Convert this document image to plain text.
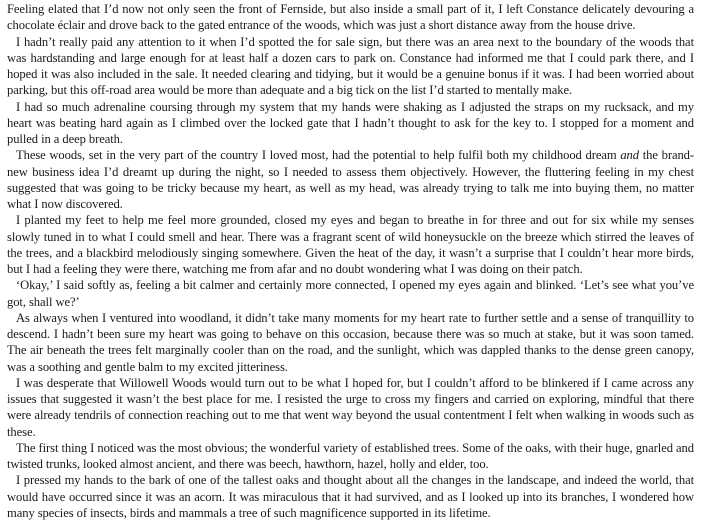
Feeling elated that I’d now not only seen the front of Fernside, but also inside a small part of it, I left Constance delicately devouring a chocolate éclair and drove back to the gated entrance of the woods, which was just a short distance away from the house drive.

I hadn’t really paid any attention to it when I’d spotted the for sale sign, but there was an area next to the boundary of the woods that was hardstanding and large enough for at least half a dozen cars to park on. Constance had informed me that I could park there, and I hoped it was also included in the sale. It needed clearing and tidying, but it would be a genuine bonus if it was. I had been worried about parking, but this off-road area would be more than adequate and a big tick on the list I’d started to mentally make.

I had so much adrenaline coursing through my system that my hands were shaking as I adjusted the straps on my rucksack, and my heart was beating hard again as I climbed over the locked gate that I hadn’t thought to ask for the key to. I stopped for a moment and pulled in a deep breath.

These woods, set in the very part of the country I loved most, had the potential to help fulfil both my childhood dream and the brand-new business idea I’d dreamt up during the night, so I needed to assess them objectively. However, the fluttering feeling in my chest suggested that was going to be tricky because my heart, as well as my head, was already trying to talk me into buying them, no matter what I now discovered.

I planted my feet to help me feel more grounded, closed my eyes and began to breathe in for three and out for six while my senses slowly tuned in to what I could smell and hear. There was a fragrant scent of wild honeysuckle on the breeze which stirred the leaves of the trees, and a blackbird melodiously singing somewhere. Given the heat of the day, it wasn’t a surprise that I couldn’t hear more birds, but I had a feeling they were there, watching me from afar and no doubt wondering what I was doing on their patch.

‘Okay,’ I said softly as, feeling a bit calmer and certainly more connected, I opened my eyes again and blinked. ‘Let’s see what you’ve got, shall we?’

As always when I ventured into woodland, it didn’t take many moments for my heart rate to further settle and a sense of tranquillity to descend. I hadn’t been sure my heart was going to behave on this occasion, because there was so much at stake, but it was soon tamed. The air beneath the trees felt marginally cooler than on the road, and the sunlight, which was dappled thanks to the dense green canopy, was a soothing and gentle balm to my excited jitteriness.

I was desperate that Willowell Woods would turn out to be what I hoped for, but I couldn’t afford to be blinkered if I came across any issues that suggested it wasn’t the best place for me. I resisted the urge to cross my fingers and carried on exploring, mindful that there were already tendrils of connection reaching out to me that went way beyond the usual contentment I felt when walking in woods such as these.

The first thing I noticed was the most obvious; the wonderful variety of established trees. Some of the oaks, with their huge, gnarled and twisted trunks, looked almost ancient, and there was beech, hawthorn, hazel, holly and elder, too.

I pressed my hands to the bark of one of the tallest oaks and thought about all the changes in the landscape, and indeed the world, that would have occurred since it was an acorn. It was miraculous that it had survived, and as I looked up into its branches, I wondered how many species of insects, birds and mammals a tree of such magnificence supported in its lifetime.
